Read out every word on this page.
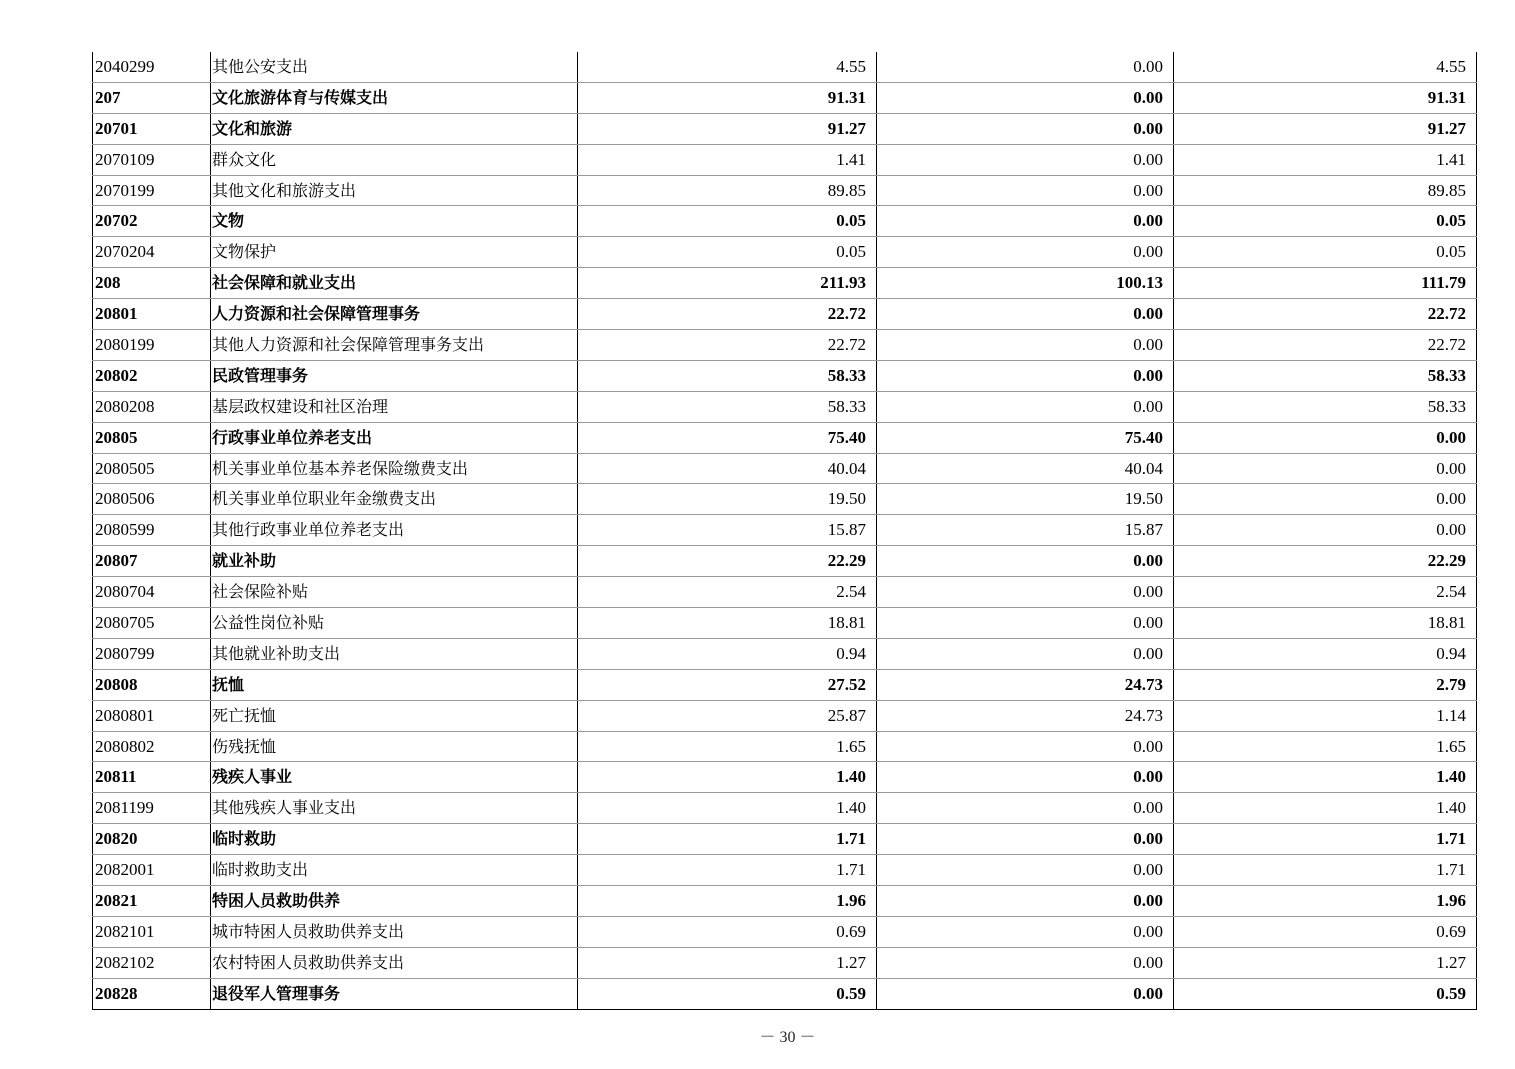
2040299	其他公安支出	4.55	0.00	4.55
207	文化旅游体育与传媒支出	91.31	0.00	91.31
20701	文化和旅游	91.27	0.00	91.27
2070109	群众文化	1.41	0.00	1.41
2070199	其他文化和旅游支出	89.85	0.00	89.85
20702	文物	0.05	0.00	0.05
2070204	文物保护	0.05	0.00	0.05
208	社会保障和就业支出	211.93	100.13	111.79
20801	人力资源和社会保障管理事务	22.72	0.00	22.72
2080199	其他人力资源和社会保障管理事务支出	22.72	0.00	22.72
20802	民政管理事务	58.33	0.00	58.33
2080208	基层政权建设和社区治理	58.33	0.00	58.33
20805	行政事业单位养老支出	75.40	75.40	0.00
2080505	机关事业单位基本养老保险缴费支出	40.04	40.04	0.00
2080506	机关事业单位职业年金缴费支出	19.50	19.50	0.00
2080599	其他行政事业单位养老支出	15.87	15.87	0.00
20807	就业补助	22.29	0.00	22.29
2080704	社会保险补贴	2.54	0.00	2.54
2080705	公益性岗位补贴	18.81	0.00	18.81
2080799	其他就业补助支出	0.94	0.00	0.94
20808	抚恤	27.52	24.73	2.79
2080801	死亡抚恤	25.87	24.73	1.14
2080802	伤残抚恤	1.65	0.00	1.65
20811	残疾人事业	1.40	0.00	1.40
2081199	其他残疾人事业支出	1.40	0.00	1.40
20820	临时救助	1.71	0.00	1.71
2082001	临时救助支出	1.71	0.00	1.71
20821	特困人员救助供养	1.96	0.00	1.96
2082101	城市特困人员救助供养支出	0.69	0.00	0.69
2082102	农村特困人员救助供养支出	1.27	0.00	1.27
20828	退役军人管理事务	0.59	0.00	0.59
－ 30 －
